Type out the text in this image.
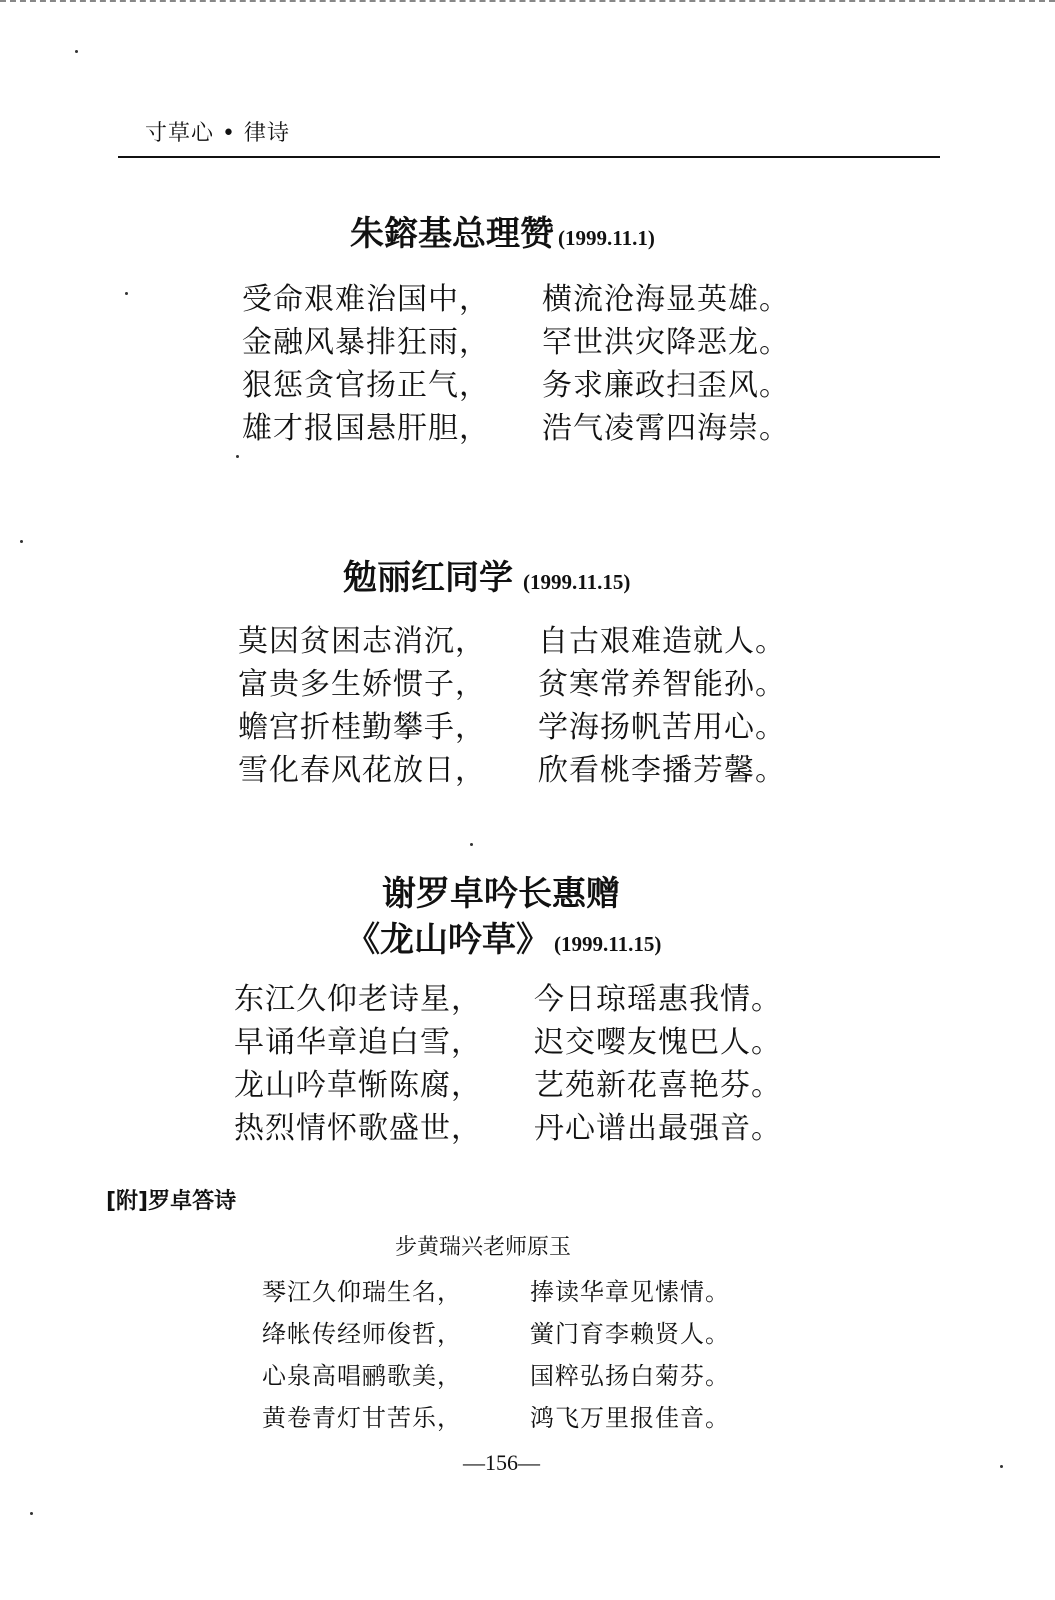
寸草心 • 律诗
朱鎔基总理赞 (1999.11.1)
受命艰难治国中，	横流沧海显英雄。
金融风暴排狂雨，	罕世洪灾降恶龙。
狠惩贪官扬正气，	务求廉政扫歪风。
雄才报国悬肝胆，	浩气凌霄四海崇。
勉丽红同学 (1999.11.15)
莫因贫困志消沉，	自古艰难造就人。
富贵多生娇惯子，	贫寒常养智能孙。
蟾宫折桂勤攀手，	学海扬帆苦用心。
雪化春风花放日，	欣看桃李播芳馨。
谢罗卓吟长惠赠
《龙山吟草》 (1999.11.15)
东江久仰老诗星，	今日琼瑶惠我情。
早诵华章追白雪，	迟交嘤友愧巴人。
龙山吟草惭陈腐，	艺苑新花喜艳芬。
热烈情怀歌盛世，	丹心谱出最强音。
[附]罗卓答诗
步黄瑞兴老师原玉
琴江久仰瑞生名，	捧读华章见愫情。
绛帐传经师俊哲，	黉门育李赖贤人。
心泉高唱鹂歌美，	国粹弘扬白菊芬。
黄卷青灯甘苦乐，	鸿飞万里报佳音。
—156—
